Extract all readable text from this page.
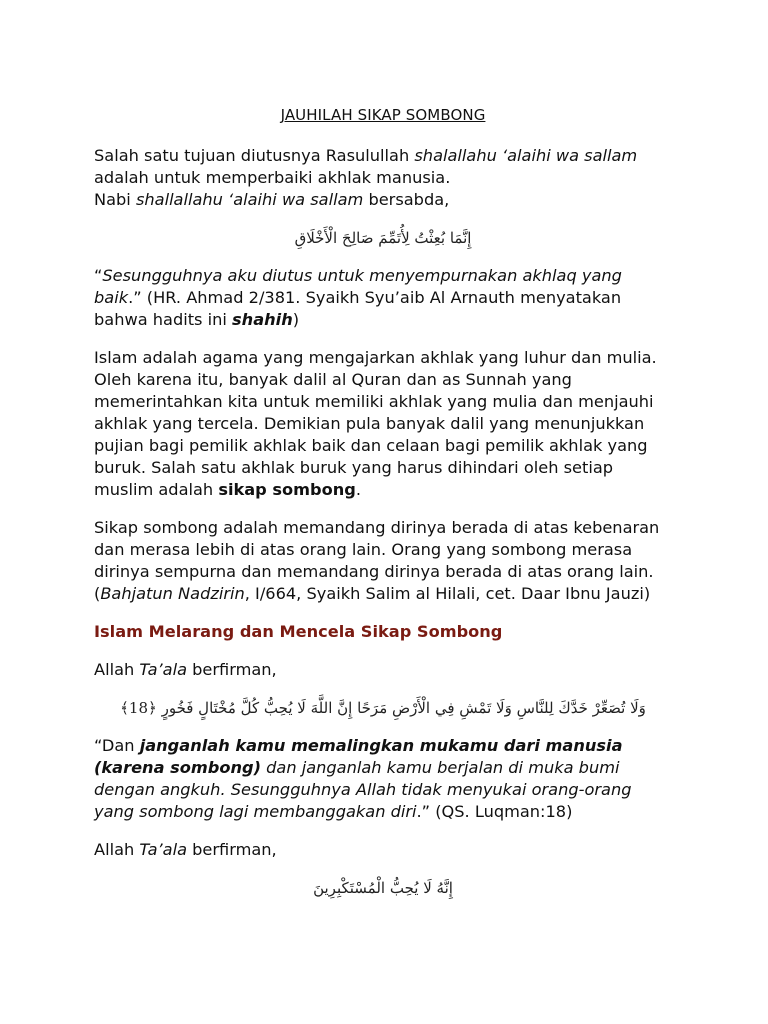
JAUHILAH SIKAP SOMBONG

Salah satu tujuan diutusnya Rasulullah shalallahu ‘alaihi wa sallam adalah untuk memperbaiki akhlak manusia.
Nabi shallallahu ‘alaihi wa sallam bersabda,

إِنَّمَا بُعِثْتُ لِأُتَمِّمَ صَالِحَ الْأَخْلَاقِ

“Sesungguhnya aku diutus untuk menyempurnakan akhlaq yang baik.” (HR. Ahmad 2/381. Syaikh Syu’aib Al Arnauth menyatakan bahwa hadits ini shahih)

Islam adalah agama yang mengajarkan akhlak yang luhur dan mulia. Oleh karena itu, banyak dalil al Quran dan as Sunnah yang memerintahkan kita untuk memiliki akhlak yang mulia dan menjauhi akhlak yang tercela. Demikian pula banyak dalil yang menunjukkan pujian bagi pemilik akhlak baik dan celaan bagi pemilik akhlak yang buruk. Salah satu akhlak buruk yang harus dihindari oleh setiap muslim adalah sikap sombong.

Sikap sombong adalah memandang dirinya berada di atas kebenaran dan merasa lebih di atas orang lain. Orang yang sombong merasa dirinya sempurna dan memandang dirinya berada di atas orang lain. (Bahjatun Nadzirin, I/664, Syaikh Salim al Hilali, cet. Daar Ibnu Jauzi)

Islam Melarang dan Mencela Sikap Sombong

Allah Ta’ala berfirman,

وَلَا تُصَعِّرْ خَدَّكَ لِلنَّاسِ وَلَا تَمْشِ فِي الْأَرْضِ مَرَحًا إِنَّ اللَّهَ لَا يُحِبُّ كُلَّ مُخْتَالٍ فَخُورٍ ﴿18﴾

“Dan janganlah kamu memalingkan mukamu dari manusia (karena sombong) dan janganlah kamu berjalan di muka bumi dengan angkuh. Sesungguhnya Allah tidak menyukai orang-orang yang sombong lagi membanggakan diri.” (QS. Luqman:18)

Allah Ta’ala berfirman,

إِنَّهُ لَا يُحِبُّ الْمُسْتَكْبِرِينَ
